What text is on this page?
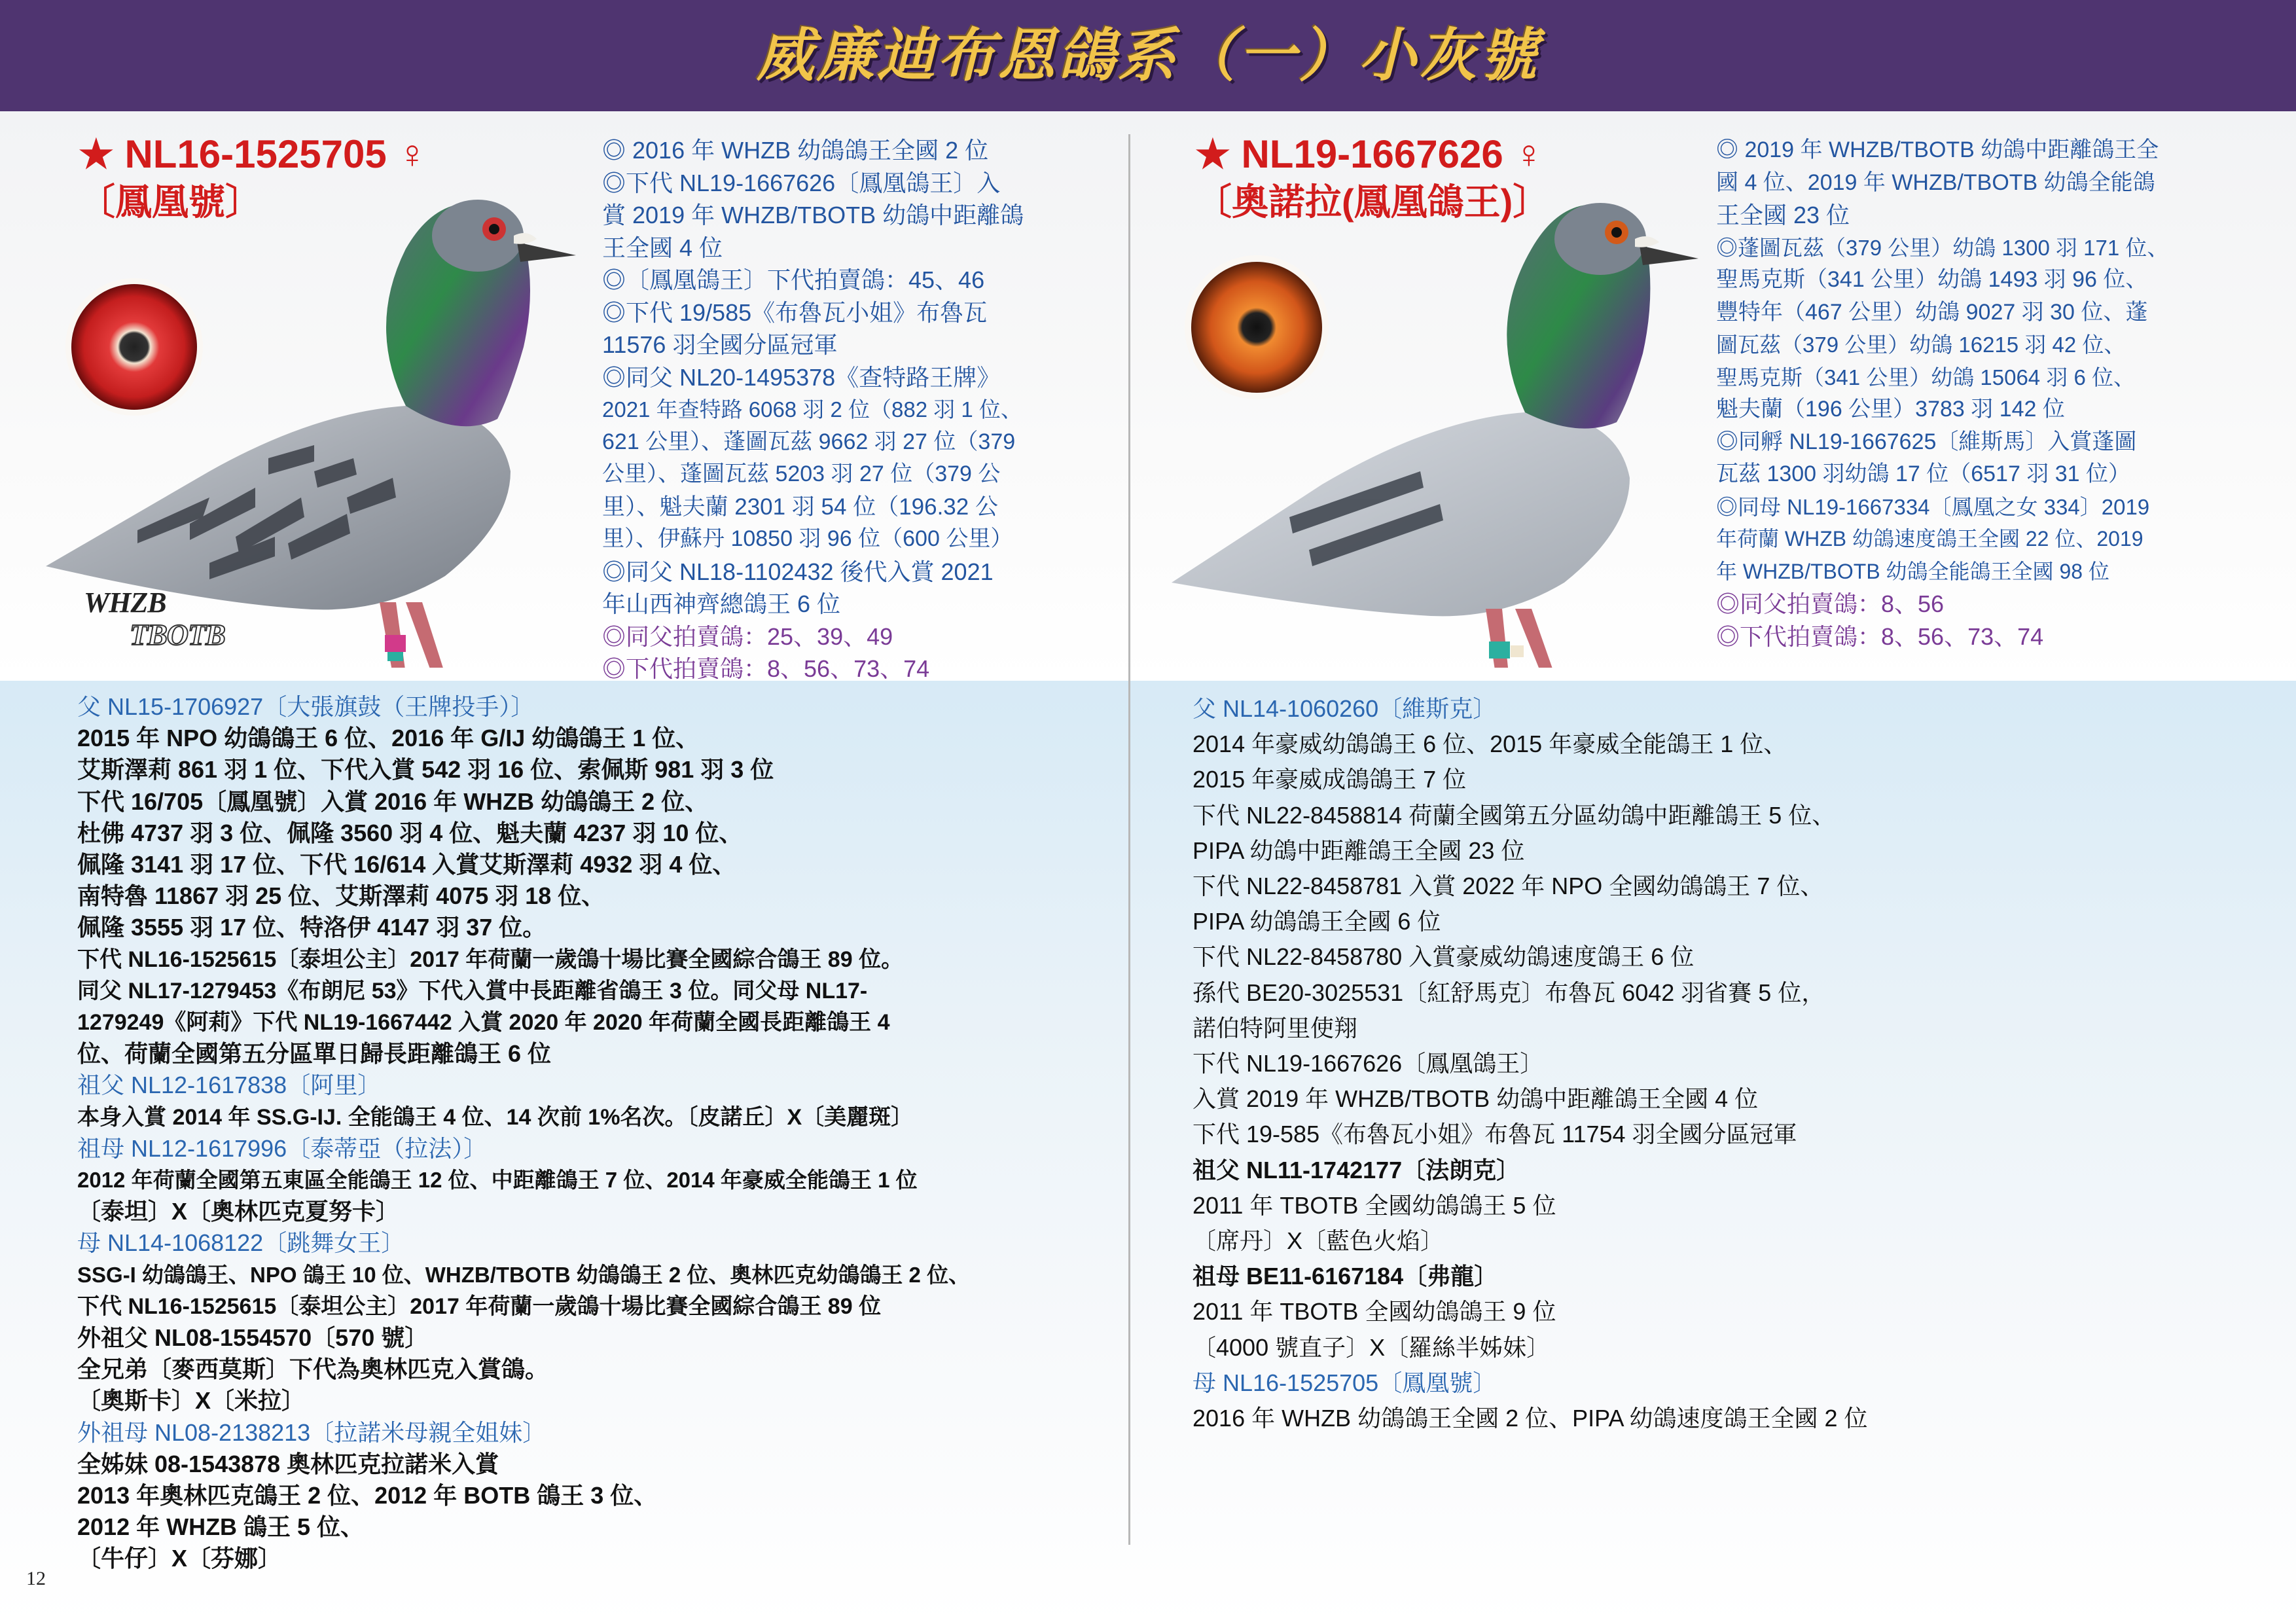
威廉迪布恩鴿系（一）小灰號
★ NL16-1525705 ♀
〔鳳凰號〕
WHZB
TBOTB
◎ 2016 年 WHZB 幼鴿鴿王全國 2 位
◎下代 NL19-1667626〔鳳凰鴿王〕入
賞 2019 年 WHZB/TBOTB 幼鴿中距離鴿
王全國 4 位
◎〔鳳凰鴿王〕下代拍賣鴿：45、46
◎下代 19/585《布魯瓦小姐》布魯瓦
11576 羽全國分區冠軍
◎同父 NL20-1495378《查特路王牌》
2021 年查特路 6068 羽 2 位（882 羽 1 位、
621 公里）、蓬圖瓦茲 9662 羽 27 位（379
公里）、蓬圖瓦茲 5203 羽 27 位（379 公
里）、魁夫蘭 2301 羽 54 位（196.32 公
里）、伊蘇丹 10850 羽 96 位（600 公里）
◎同父 NL18-1102432 後代入賞 2021
年山西神齊總鴿王 6 位
◎同父拍賣鴿：25、39、49
◎下代拍賣鴿：8、56、73、74
★ NL19-1667626 ♀
〔奧諾拉(鳳凰鴿王)〕
◎ 2019 年 WHZB/TBOTB 幼鴿中距離鴿王全
國 4 位、2019 年 WHZB/TBOTB 幼鴿全能鴿
王全國 23 位
◎蓬圖瓦茲（379 公里）幼鴿 1300 羽 171 位、
聖馬克斯（341 公里）幼鴿 1493 羽 96 位、
豐特年（467 公里）幼鴿 9027 羽 30 位、蓬
圖瓦茲（379 公里）幼鴿 16215 羽 42 位、
聖馬克斯（341 公里）幼鴿 15064 羽 6 位、
魁夫蘭（196 公里）3783 羽 142 位
◎同孵 NL19-1667625〔維斯馬〕入賞蓬圖
瓦茲 1300 羽幼鴿 17 位（6517 羽 31 位）
◎同母 NL19-1667334〔鳳凰之女 334〕2019
年荷蘭 WHZB 幼鴿速度鴿王全國 22 位、2019
年 WHZB/TBOTB 幼鴿全能鴿王全國 98 位
◎同父拍賣鴿：8、56
◎下代拍賣鴿：8、56、73、74
父 NL15-1706927〔大張旗鼓（王牌投手）〕
2015 年 NPO 幼鴿鴿王 6 位、2016 年 G/IJ 幼鴿鴿王 1 位、
艾斯澤莉 861 羽 1 位、下代入賞 542 羽 16 位、索佩斯 981 羽 3 位
下代 16/705〔鳳凰號〕入賞 2016 年 WHZB 幼鴿鴿王 2 位、
杜佛 4737 羽 3 位、佩隆 3560 羽 4 位、魁夫蘭 4237 羽 10 位、
佩隆 3141 羽 17 位、下代 16/614 入賞艾斯澤莉 4932 羽 4 位、
南特魯 11867 羽 25 位、艾斯澤莉 4075 羽 18 位、
佩隆 3555 羽 17 位、特洛伊 4147 羽 37 位。
下代 NL16-1525615〔泰坦公主〕2017 年荷蘭一歲鴿十場比賽全國綜合鴿王 89 位。
同父 NL17-1279453《布朗尼 53》下代入賞中長距離省鴿王 3 位。同父母 NL17-
1279249《阿莉》下代 NL19-1667442 入賞 2020 年 2020 年荷蘭全國長距離鴿王 4
位、荷蘭全國第五分區單日歸長距離鴿王 6 位
祖父 NL12-1617838〔阿里〕
本身入賞 2014 年 SS.G-IJ. 全能鴿王 4 位、14 次前 1%名次。〔皮諾丘〕X〔美麗斑〕
祖母 NL12-1617996〔泰蒂亞（拉法）〕
2012 年荷蘭全國第五東區全能鴿王 12 位、中距離鴿王 7 位、2014 年豪威全能鴿王 1 位
〔泰坦〕X〔奧林匹克夏努卡〕
母 NL14-1068122〔跳舞女王〕
SSG-I 幼鴿鴿王、NPO 鴿王 10 位、WHZB/TBOTB 幼鴿鴿王 2 位、奧林匹克幼鴿鴿王 2 位、
下代 NL16-1525615〔泰坦公主〕2017 年荷蘭一歲鴿十場比賽全國綜合鴿王 89 位
外祖父 NL08-1554570〔570 號〕
全兄弟〔麥西莫斯〕下代為奧林匹克入賞鴿。
〔奧斯卡〕X〔米拉〕
外祖母 NL08-2138213〔拉諾米母親全姐妹〕
全姊妹 08-1543878 奧林匹克拉諾米入賞
2013 年奧林匹克鴿王 2 位、2012 年 BOTB 鴿王 3 位、
2012 年 WHZB 鴿王 5 位、
〔牛仔〕X〔芬娜〕
父 NL14-1060260〔維斯克〕
2014 年豪威幼鴿鴿王 6 位、2015 年豪威全能鴿王 1 位、
2015 年豪威成鴿鴿王 7 位
下代 NL22-8458814 荷蘭全國第五分區幼鴿中距離鴿王 5 位、
PIPA 幼鴿中距離鴿王全國 23 位
下代 NL22-8458781 入賞 2022 年 NPO 全國幼鴿鴿王 7 位、
PIPA 幼鴿鴿王全國 6 位
下代 NL22-8458780 入賞豪威幼鴿速度鴿王 6 位
孫代 BE20-3025531〔紅舒馬克〕布魯瓦 6042 羽省賽 5 位，
諾伯特阿里使翔
下代 NL19-1667626〔鳳凰鴿王〕
入賞 2019 年 WHZB/TBOTB 幼鴿中距離鴿王全國 4 位
下代 19-585《布魯瓦小姐》布魯瓦 11754 羽全國分區冠軍
祖父 NL11-1742177〔法朗克〕
2011 年 TBOTB 全國幼鴿鴿王 5 位
〔席丹〕X〔藍色火焰〕
祖母 BE11-6167184〔弗龍〕
2011 年 TBOTB 全國幼鴿鴿王 9 位
〔4000 號直子〕X〔羅絲半姊妹〕
母 NL16-1525705〔鳳凰號〕
2016 年 WHZB 幼鴿鴿王全國 2 位、PIPA 幼鴿速度鴿王全國 2 位
12
